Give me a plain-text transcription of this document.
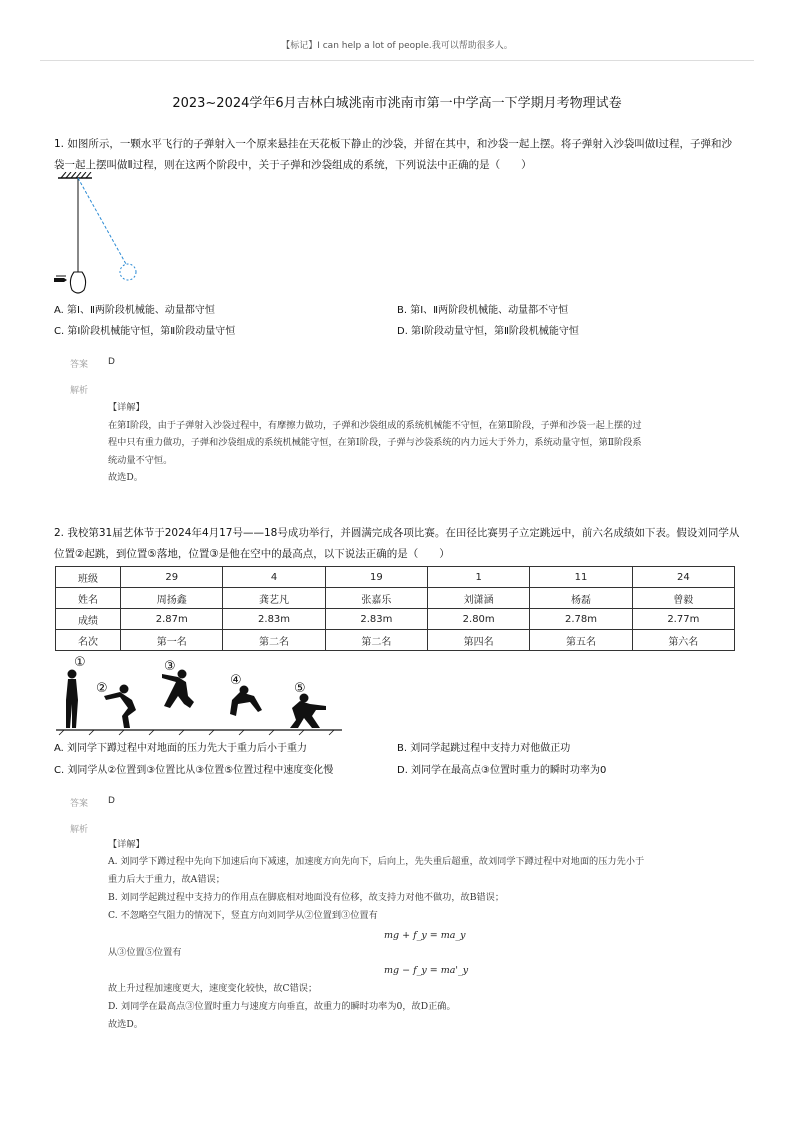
【标记】I can help a lot of people.我可以帮助很多人。
2023~2024学年6月吉林白城洮南市洮南市第一中学高一下学期月考物理试卷
1. 如图所示，一颗水平飞行的子弹射入一个原来悬挂在天花板下静止的沙袋，并留在其中，和沙袋一起上摆。将子弹射入沙袋叫做Ⅰ过程，子弹和沙
袋一起上摆叫做Ⅱ过程，则在这两个阶段中，关于子弹和沙袋组成的系统，下列说法中正确的是（　　）
A. 第Ⅰ、Ⅱ两阶段机械能、动量都守恒	B. 第Ⅰ、Ⅱ两阶段机械能、动量都不守恒
C. 第Ⅰ阶段机械能守恒，第Ⅱ阶段动量守恒	D. 第Ⅰ阶段动量守恒，第Ⅱ阶段机械能守恒
答案 D
解析
【详解】
在第Ⅰ阶段，由于子弹射入沙袋过程中，有摩擦力做功，子弹和沙袋组成的系统机械能不守恒，在第Ⅱ阶段，子弹和沙袋一起上摆的过
程中只有重力做功，子弹和沙袋组成的系统机械能守恒，在第Ⅰ阶段，子弹与沙袋系统的内力远大于外力，系统动量守恒，第Ⅱ阶段系
统动量不守恒。
故选D。
2. 我校第31届艺体节于2024年4月17号——18号成功举行，并圆满完成各项比赛。在田径比赛男子立定跳远中，前六名成绩如下表。假设刘同学从
位置②起跳，到位置⑤落地，位置③是他在空中的最高点，以下说法正确的是（　　）
班级	29	4	19	1	11	24
姓名	周扬鑫	龚艺凡	张嘉乐	刘潇涵	杨磊	曾毅
成绩	2.87m	2.83m	2.83m	2.80m	2.78m	2.77m
名次	第一名	第二名	第二名	第四名	第五名	第六名
①
②
③
④
⑤
A. 刘同学下蹲过程中对地面的压力先大于重力后小于重力	B. 刘同学起跳过程中支持力对他做正功
C. 刘同学从②位置到③位置比从③位置⑤位置过程中速度变化慢	D. 刘同学在最高点③位置时重力的瞬时功率为0
答案 D
解析
【详解】
A. 刘同学下蹲过程中先向下加速后向下减速，加速度方向先向下，后向上，先失重后超重，故刘同学下蹲过程中对地面的压力先小于
重力后大于重力，故A错误；
B. 刘同学起跳过程中支持力的作用点在脚底相对地面没有位移，故支持力对他不做功，故B错误；
C. 不忽略空气阻力的情况下，竖直方向刘同学从②位置到③位置有
mg + f_y = ma_y
从③位置⑤位置有
mg − f_y = ma'_y
故上升过程加速度更大，速度变化较快，故C错误；
D. 刘同学在最高点③位置时重力与速度方向垂直，故重力的瞬时功率为0，故D正确。
故选D。
